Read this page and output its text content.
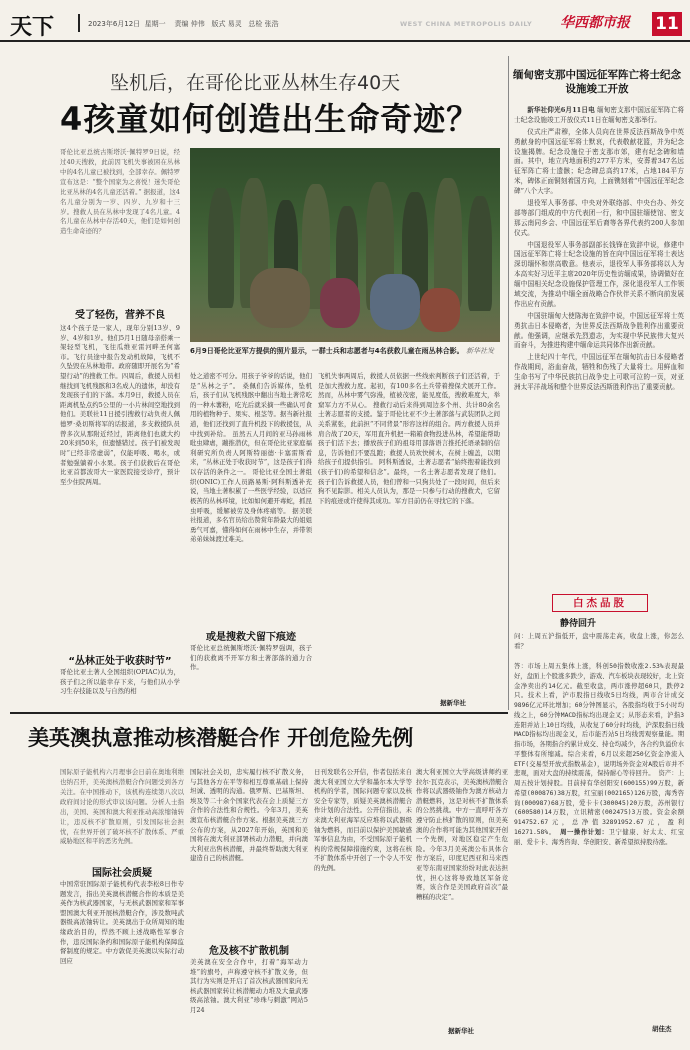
天下	2023年6月12日 星期一 责编 仲伟 版式 易灵 总检 张浩	WEST CHINA METROPOLIS DAILY 华西都市报 11
坠机后，在哥伦比亚丛林生存40天
4孩童如何创造出生命奇迹？
哥伦比亚总统古斯塔沃·佩特罗9日说，经过40天搜救，此前因飞机失事被困在丛林中的4名儿童已被找到，全部幸存。佩特罗宣布这是：“整个国家为之喜悦！迷失哥伦比亚丛林的4名儿童还活着。” 据报道，这4名儿童分别为一岁、四岁、九岁和十三岁。搜救人员在丛林中发现了4名儿童。4名儿童在丛林中存活40天，他们是如何创造生命奇迹的？
6月9日哥伦比亚军方提供的照片显示，一群士兵和志愿者与4名获救儿童在雨丛林合影。 新华社发
受了轻伤，营养不良
这4个孩子是一家人，现年分别13岁、9岁、4岁和1岁。他们5月1日随母亲搭乘一架轻型飞机，飞往瓜维亚雷河畔圣何塞市。飞行员途中报告发动机故障，飞机不久坠毁在丛林地带。政府随即开展名为“希望行动”的搜救工作。四周后，救援人员相继找到飞机残骸和3名成人的遗体，却没有发现孩子们的下落。本月9日，救援人员在距离机坠点约5公里的一小片林间空地找到他们。美联社11日援引搜救行动负责人佩德罗·桑切斯将军的话报道，多支救援队员曾多次从那附近经过，距离他们也就大约20米到50米，但遗憾错过。孩子们被发现时“已经非常虚弱”，仅能呼吸、喝水，或者勉强躺着小水果。孩子们获救后在哥伦比亚首都波哥大一家医院接受诊疗，预计至少住院两周。
“丛林正处于收获时节”
哥伦比亚土著人全国组织(OPIAC)认为，孩子们之所以能幸存下来，与他们从小学习生存技能以及与自然的相
处之道密不可分。用孩子爷爷的话说，他们是“丛林之子”。 桑佩们告诉媒体，坠机后，孩子们从飞机残骸中翻出当地土著常吃的一种木薯粉，吃光后就采摘一些确认可食用的植物种子、果实、根茎等。据当新社报道，他们还找到了直升机投下的救援包，从中找到补给。 虽然五人月间的亚马孙雨林吡虫肆虐，蹦推潜伏，但在哥伦比亚家庭福利研究所负责人阿斯特丽德·卡塞雷斯看来，“丛林正处于收获时节”，这是孩子们得以存活的条件之一。 哥伦比亚全国土著组织(ONIC)工作人员路易斯·阿科斯透补充说，当地土著积累了一些医学经验，以适应极苦的丛林环境，比如如何避开毒蛇，抓昆虫呼吸，缓解被劳及身体疼痛等。 据美联社报道，多名官员给出赞赏年龄最大的姐姐勇气可嘉，懂得如何在雨林中生存，并带领弟弟妹妹渡过难关。
或是搜救犬留下痕迹
哥伦比亚总统佩斯塔沃·佩特罗强调，孩子们的获救离不开军方和土著部落的通力合作。
飞机失事两周后，救援人员依据一些线索判断孩子们还活着，于是加大搜救力度。起初，有100多名土兵带着搜保犬展开工作。然而，丛林中雾气弥漫，植被茂密，能见度低，搜救难度大，举窟军力方不从心。 搜救行动后来得到周边多个州、共计80余名土著志愿者的支援。鉴于哥伦比亚不少土著部落与武装团队之间关系紧张，此前担“不同背景”形容这样的组合。两方救援人员并肩合战了20天，军用直升机把一箱箱食物投进丛林，希望能帮助孩子们活下去；播放孩子们的祖母用部落语言推托托语录制的信息，告诉他们不要乱跑；救援人员欢快树木，在树上缠盖，以期给孩子们提供指引。 阿科斯透说，土著志愿者“始终抱着能找到(孩子们)的希望和信念”。最终，一名土著志愿者发现了他们。 孩子们告诉救援人员，他们曾和一只狗共处了一段时间，但后来狗不见踪影。相关人员认为，那是一只参与行动的搜救犬，它留下的痕迹或许使得其成功。军方目前仍在寻找它的下落。
据新华社
缅甸密支那中国远征军阵亡将士纪念设施竣工开放

新华社仰光6月11日电 缅甸密支那中国远征军阵亡将士纪念设施竣工开放仪式11日在缅甸密支那举行。

仪式庄严肃穆，全体人员向在世界反法西斯战争中英勇献身的中国远征军将士默哀，代表敬献花篮，并为纪念设施揭牌。纪念设施位于密支那市郊，建有纪念碑和墙面。其中，地立内地面积约277平方米，安葬着347名远征军阵亡将士遗骸；纪念碑总高约17米，占地184平方米，碑体正面铜刻着国方向，上面镌刻着“中国远征军纪念碑”八个大字。

退役军人事务部、中央对外联络部、中央台办、外交部等部门组成的中方代表团一行，和中国驻缅使馆、密支那云南同乡会、中国远征军后裔等各界代表约200人参加仪式。

中国退役军人事务部副部长钱锋在致辞中说，修建中国远征军阵亡将士纪念设施的旨在向中国远征军将士表达深切缅怀和崇高敬意。他表示，退役军人事务部将以人为本高实好习近平主席2020年历史性访缅成果，协调做好在缅中国相关纪念设施保护管理工作，深化退役军人工作领域交流，为推动中缅全面战略合作伙伴关系不断向前发展作出应有贡献。

中国驻缅甸大使陈海在致辞中说，中国远征军将士英勇抗击日本侵略者，为世界反法西斯战争胜利作出重要贡献。他强调，应继承先烈遗志，为实现中华民族伟大复兴而奋斗，为推进构建中缅命运共同体作出新贡献。

上世纪四十年代，中国远征军在缅甸抗击日本侵略者作战期间，浴血奋战，牺牲和伤残了大量将士。用鲜血和生命书写了中华民族抗日战争史上可歌可泣的一页，对亚洲太平洋战场和整个世界反法西斯胜利作出了重要贡献。

白杰品股
静待回升
问：上周五沪指低开，盘中震荡走高，收盘上涨，你怎么看？
答：市场上周五集体上涨，科创50指数收涨2.53%表现最好，盘面上个股涨多跌少，游戏、汽车板块表现较好，北上资金净卖出约14亿元。截至收盘，两市涨停超60只，跌停2只。技术上看，沪市股指日线收5日均线，两市合计成交9896亿元环比增加；60分钟图显示，各股指均收于5小时均线之上，60分钟MACD指标均出现金叉；从形态来看，沪指3连阳并站上10日均线，从收复了60分时均线，沪深股指日线MACD指标均出现金叉，后市能否站5日均线需观察量能。期指市场，各期指合约累计成交、持仓均减少，各合约负溢价水平整体有所缩减。综合来看，6月以来超250亿资金净流入ETF(交易型开放式指数基金)，说明场外资金对A股后市并不悲观，面对大盘的持续震荡，保持耐心等待回升。 资产：上周五按计划持股。目前持有华创阳安(600155)99万股，新希望(000876)38万股，红宝丽(002165)126万股，海秀咨询(000987)68万股，爱卡卡(300045)20万股，苏州银行(600580)14万股，立讯精密(002475)3万股。资金余额914752.67元，总净值32891952.67元，盈利16271.58%。 周一操作计划：卫宁健康、好太太、红宝丽、爱卡卡、海秀咨询、华创阳安、新希望拟持股待涨。
胡佳杰
美英澳执意推动核潜艇合作 开创危险先例
国际原子能机构六月理事会日前在奥地利维也纳召开，美英澳核潜艇合作问题受到各方关注。在中国推动下，该机构连续第八次以政府间讨论的形式审议该问题。分析人士指出，美国、英国和澳大利亚推动高浓缩铀转让，违反核不扩散原则，引发国际社会担忧，在世界开创了破坏核不扩散体系、严重威胁地区和平的恶劣先例。
国际社会质疑
中国常驻国际原子能机构代表李松8日作专题发言，指出美英澳核潜艇合作的本质是美英作为核武器国家，与无核武器国家和军事盟国澳大利亚开展核潜艇合作，涉及数吨武器级高浓铀转让。美英澳出于众所周知的地缘政治目的，悍然不顾上述战略性军事合作，违反国际条约和国际原子能机构保障监督制度的规定。中方敦促美英澳以实际行动回应
国际社会关切，忠实履行核不扩散义务，与其他各方在平等和相互尊重基础上保持坦诚、透明的沟通。俄罗斯、巴基斯坦、埃及等二十余个国家代表在会上质疑三方合作的合法性和合规性。今年3月，美英澳宣布核潜艇合作方案。根据美英澳三方公布的方案，从2027年开始，英国和美国将在澳大利亚部署核动力潜艇，并向澳大利亚出售核潜艇，并最终帮助澳大利亚建造自己的核潜艇。
危及核不扩散机制
美英澳在安全合作中，打着“海军动力堆”的旗号，声称遵守核不扩散义务，但其行为实则是开启了首次核武器国家向无核武器国家转让核潜艇动力堆及大量武器级高浓铀。澳大利亚“珍珠与刺激”网站5月24
日刊发联名公开信，作者包括来自澳大利亚国立大学和墨尔本大学等机构的学者，国际问题专家以及核安全专家等，质疑美英澳核潜艇合作计划的合法性。公开信指出，未来澳大利亚海军反应堆将以武器级铀为燃料，而目前以保护美国敏感军事信息为由，不受国际原子能机构的常规保障措施约束，这将在核不扩散体系中开创了一个令人不安的先例。
澳大利亚国立大学高级讲师约亚拉尔·瓦克表示，美英澳核潜艇合作将以武器级铀作为澳方核动力潜艇燃料，这是对核不扩散体系的公然挑战。中方一直呼吁各方遵守防止核扩散的原则，但美英澳的合作将可能为其他国家开创一个先例，对地区稳定产生危险。今年3月美英澳公布具体合作方案后，印度尼西亚和马来西亚等东南亚国家纷纷对此表达担忧，担心这将导致地区军备竞赛，该合作是美国政府首次“最糟糕的决定”。
据新华社
